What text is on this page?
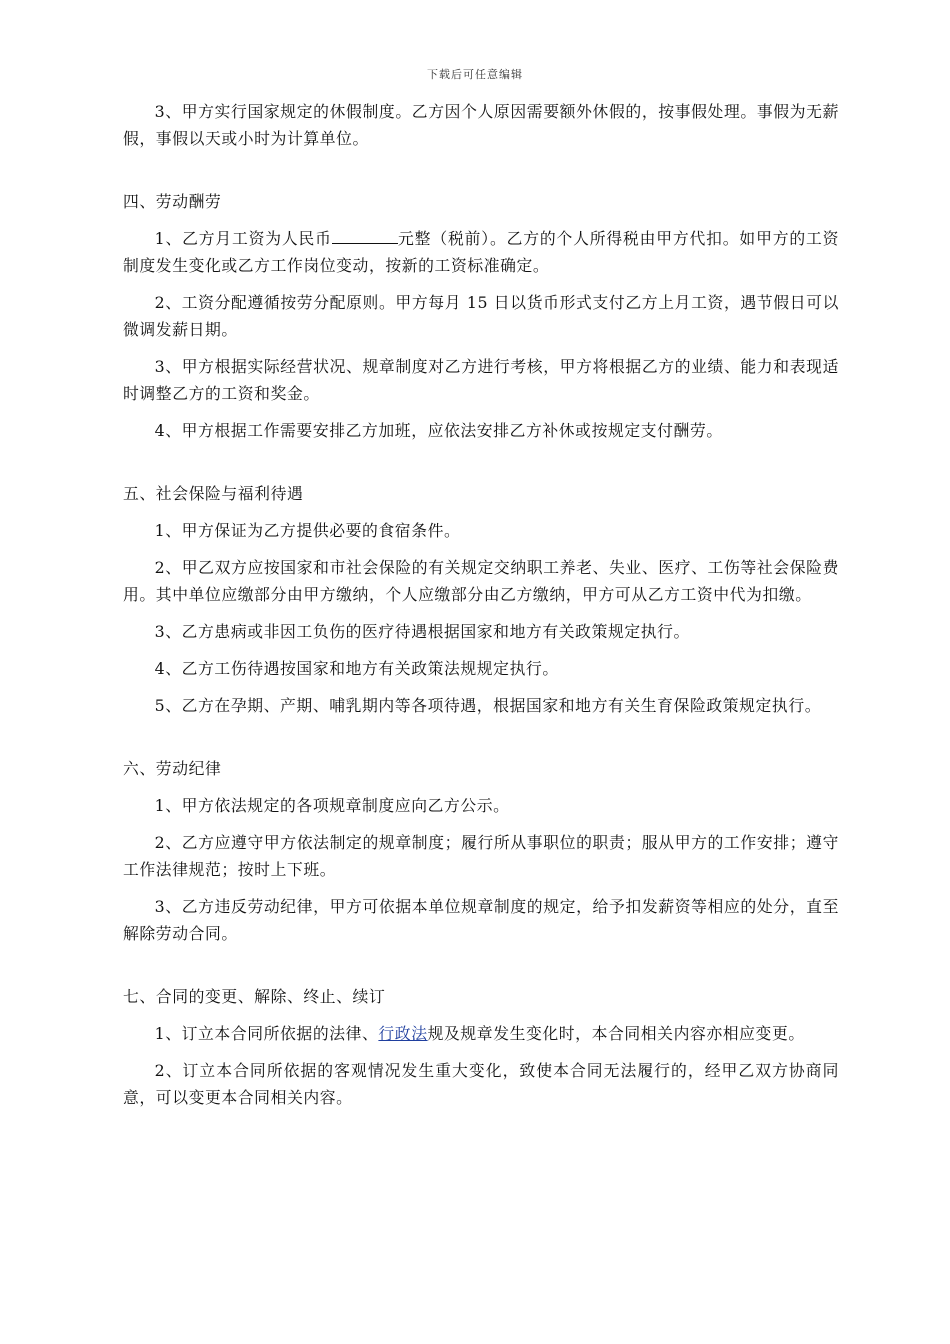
下载后可任意编辑

3、甲方实行国家规定的休假制度。乙方因个人原因需要额外休假的，按事假处理。事假为无薪假，事假以天或小时为计算单位。

四、劳动酬劳

1、乙方月工资为人民币	元整（税前）。乙方的个人所得税由甲方代扣。如甲方的工资制度发生变化或乙方工作岗位变动，按新的工资标准确定。

2、工资分配遵循按劳分配原则。甲方每月 15 日以货币形式支付乙方上月工资，遇节假日可以微调发薪日期。

3、甲方根据实际经营状况、规章制度对乙方进行考核，甲方将根据乙方的业绩、能力和表现适时调整乙方的工资和奖金。

4、甲方根据工作需要安排乙方加班，应依法安排乙方补休或按规定支付酬劳。

五、社会保险与福利待遇

1、甲方保证为乙方提供必要的食宿条件。

2、甲乙双方应按国家和市社会保险的有关规定交纳职工养老、失业、医疗、工伤等社会保险费用。其中单位应缴部分由甲方缴纳，个人应缴部分由乙方缴纳，甲方可从乙方工资中代为扣缴。

3、乙方患病或非因工负伤的医疗待遇根据国家和地方有关政策规定执行。

4、乙方工伤待遇按国家和地方有关政策法规规定执行。

5、乙方在孕期、产期、哺乳期内等各项待遇，根据国家和地方有关生育保险政策规定执行。

六、劳动纪律

1、甲方依法规定的各项规章制度应向乙方公示。

2、乙方应遵守甲方依法制定的规章制度；履行所从事职位的职责；服从甲方的工作安排；遵守工作法律规范；按时上下班。

3、乙方违反劳动纪律，甲方可依据本单位规章制度的规定，给予扣发薪资等相应的处分，直至解除劳动合同。

七、合同的变更、解除、终止、续订

1、订立本合同所依据的法律、行政法规及规章发生变化时，本合同相关内容亦相应变更。

2、订立本合同所依据的客观情况发生重大变化，致使本合同无法履行的，经甲乙双方协商同意，可以变更本合同相关内容。
